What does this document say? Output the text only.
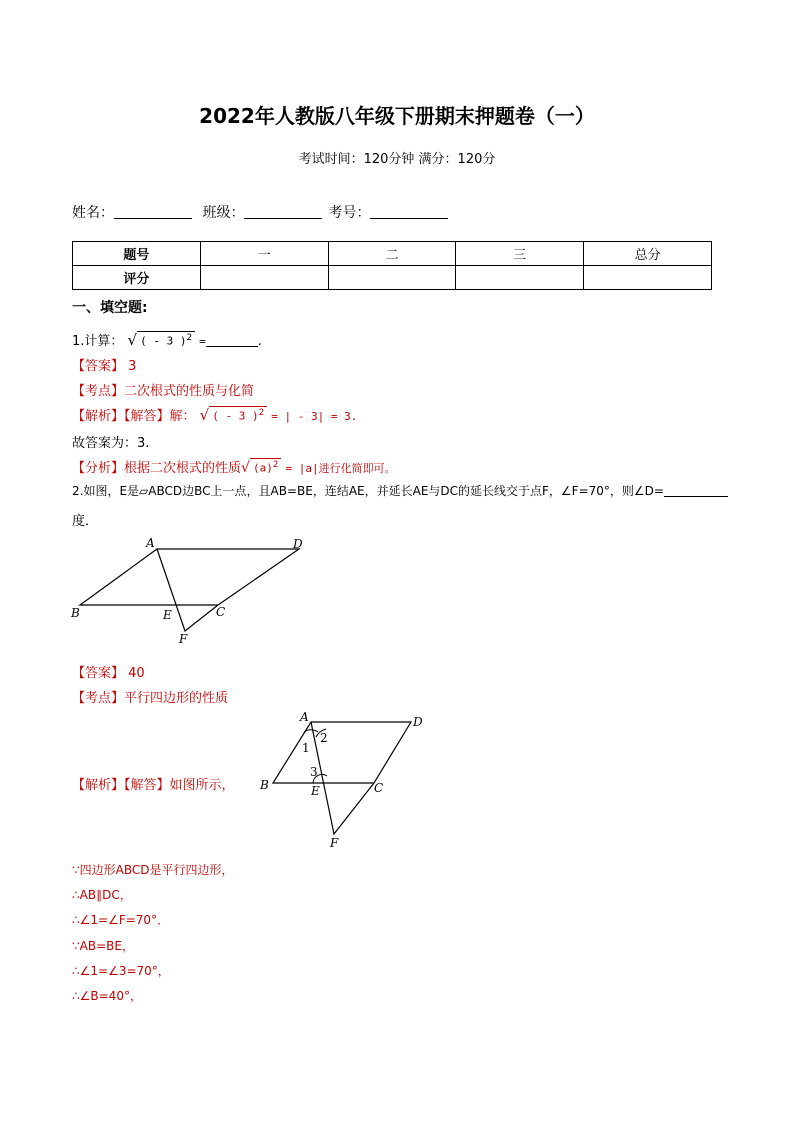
2022年人教版八年级下册期末押题卷（一）
考试时间：120分钟 满分：120分
姓名：	班级：	考号：
题号	一	二	三	总分
评分				
一、填空题:
1.计算： √ ( - 3 )$^2$ =	.
【答案】 3
【考点】二次根式的性质与化简
【解析】【解答】解： √ ( - 3 )$^2$ = | - 3| = 3.
故答案为：3.
【分析】根据二次根式的性质√ $(a)^2 = |a|$进行化简即可。
2.如图，E是▱ABCD边BC上一点，且AB=BE，连结AE，并延长AE与DC的延长线交于点F，∠F=70°，则∠D=
度．
A	D
B	E	C
F
【答案】 40
【考点】平行四边形的性质
【解析】【解答】如图所示，
A	D
B	E	C
F
1
2
3
∵四边形ABCD是平行四边形，
∴AB∥DC，
∴∠1=∠F=70°．
∵AB=BE，
∴∠1=∠3=70°，
∴∠B=40°，
